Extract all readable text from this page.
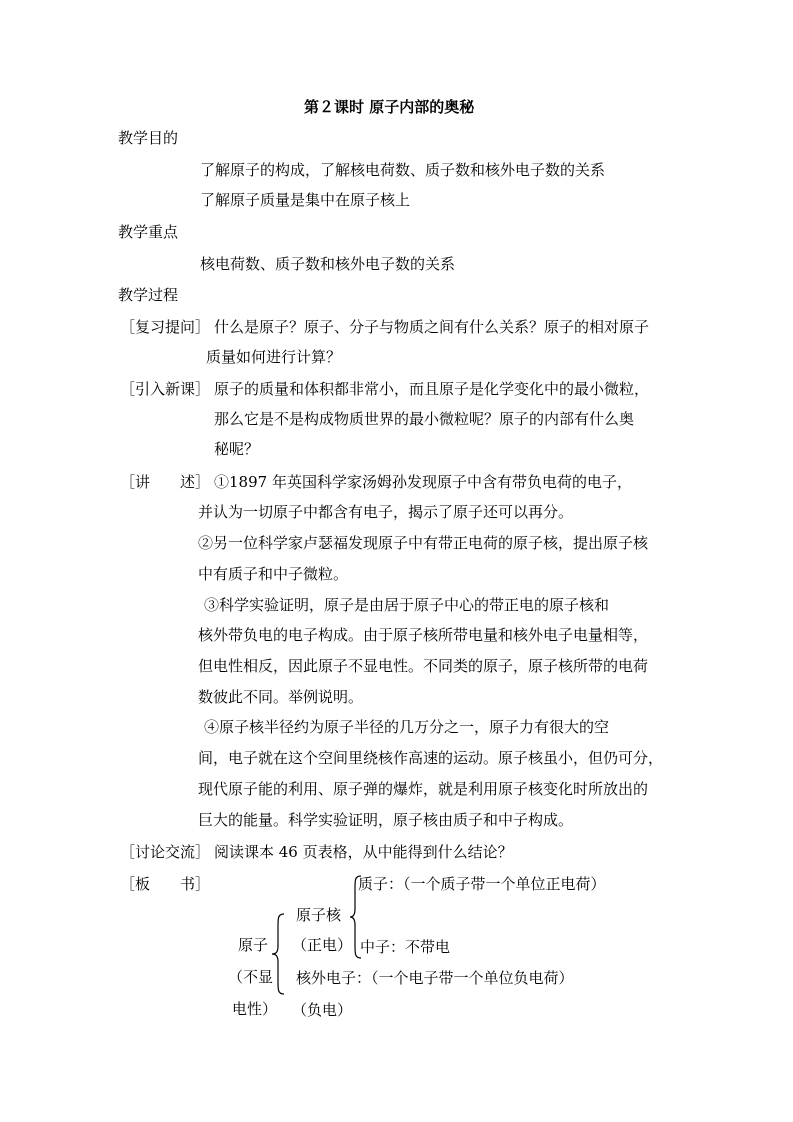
第２课时 原子内部的奥秘
教学目的
了解原子的构成，了解核电荷数、质子数和核外电子数的关系
了解原子质量是集中在原子核上
教学重点
核电荷数、质子数和核外电子数的关系
教学过程
［复习提问］ 什么是原子？原子、分子与物质之间有什么关系？原子的相对原子
质量如何进行计算？
［引入新课］ 原子的质量和体积都非常小，而且原子是化学变化中的最小微粒，
那么它是不是构成物质世界的最小微粒呢？原子的内部有什么奥
秘呢？
［讲　　述］ ①1897 年英国科学家汤姆孙发现原子中含有带负电荷的电子，
并认为一切原子中都含有电子，揭示了原子还可以再分。
②另一位科学家卢瑟福发现原子中有带正电荷的原子核，提出原子核
中有质子和中子微粒。
③科学实验证明，原子是由居于原子中心的带正电的原子核和
核外带负电的电子构成。由于原子核所带电量和核外电子电量相等，
但电性相反，因此原子不显电性。不同类的原子，原子核所带的电荷
数彼此不同。举例说明。
④原子核半径约为原子半径的几万分之一，原子力有很大的空
间，电子就在这个空间里绕核作高速的运动。原子核虽小，但仍可分，
现代原子能的利用、原子弹的爆炸，就是利用原子核变化时所放出的
巨大的能量。科学实验证明，原子核由质子和中子构成。
［讨论交流］ 阅读课本 46 页表格，从中能得到什么结论？
［板　　书］
原子
（不显
电性）
原子核
（正电）
质子：（一个质子带一个单位正电荷）
中子：不带电
核外电子：（一个电子带一个单位负电荷）
（负电）
